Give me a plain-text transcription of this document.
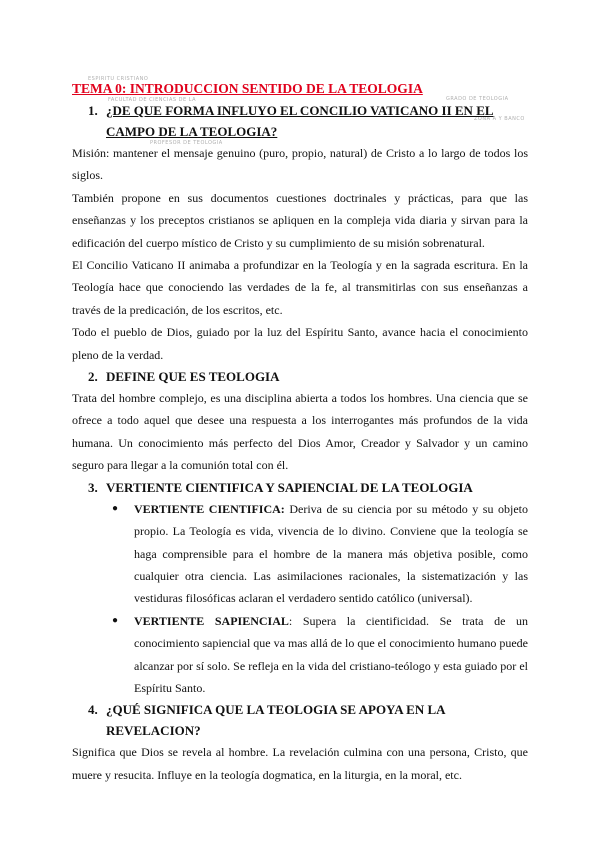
ESPIRITU CRISTIANO
FACULTAD DE CIENCIAS DE LA	GRADO DE TEOLOGIA
ZONA A Y BANCO
PROFESOR DE TEOLOGIA
TEMA 0: INTRODUCCION SENTIDO DE LA TEOLOGIA
1. ¿DE QUE FORMA INFLUYO EL CONCILIO VATICANO II EN EL CAMPO DE LA TEOLOGIA?

Misión: mantener el mensaje genuino (puro, propio, natural) de Cristo a lo largo de todos los siglos.

También propone en sus documentos cuestiones doctrinales y prácticas, para que las enseñanzas y los preceptos cristianos se apliquen en la compleja vida diaria y sirvan para la edificación del cuerpo místico de Cristo y su cumplimiento de su misión sobrenatural.

El Concilio Vaticano II animaba a profundizar en la Teología y en la sagrada escritura. En la Teología hace que conociendo las verdades de la fe, al transmitirlas con sus enseñanzas a través de la predicación, de los escritos, etc.

Todo el pueblo de Dios, guiado por la luz del Espíritu Santo, avance hacia el conocimiento pleno de la verdad.

2. DEFINE QUE ES TEOLOGIA

Trata del hombre complejo, es una disciplina abierta a todos los hombres. Una ciencia que se ofrece a todo aquel que desee una respuesta a los interrogantes más profundos de la vida humana. Un conocimiento más perfecto del Dios Amor, Creador y Salvador y un camino seguro para llegar a la comunión total con él.

3. VERTIENTE CIENTIFICA Y SAPIENCIAL DE LA TEOLOGIA
● VERTIENTE CIENTIFICA: Deriva de su ciencia por su método y su objeto propio. La Teología es vida, vivencia de lo divino. Conviene que la teología se haga comprensible para el hombre de la manera más objetiva posible, como cualquier otra ciencia. Las asimilaciones racionales, la sistematización y las vestiduras filosóficas aclaran el verdadero sentido católico (universal).
● VERTIENTE SAPIENCIAL: Supera la cientificidad. Se trata de un conocimiento sapiencial que va mas allá de lo que el conocimiento humano puede alcanzar por sí solo. Se refleja en la vida del cristiano-teólogo y esta guiado por el Espíritu Santo.
4. ¿QUÉ SIGNIFICA QUE LA TEOLOGIA SE APOYA EN LA REVELACION?

Significa que Dios se revela al hombre. La revelación culmina con una persona, Cristo, que muere y resucita. Influye en la teología dogmatica, en la liturgia, en la moral, etc.
